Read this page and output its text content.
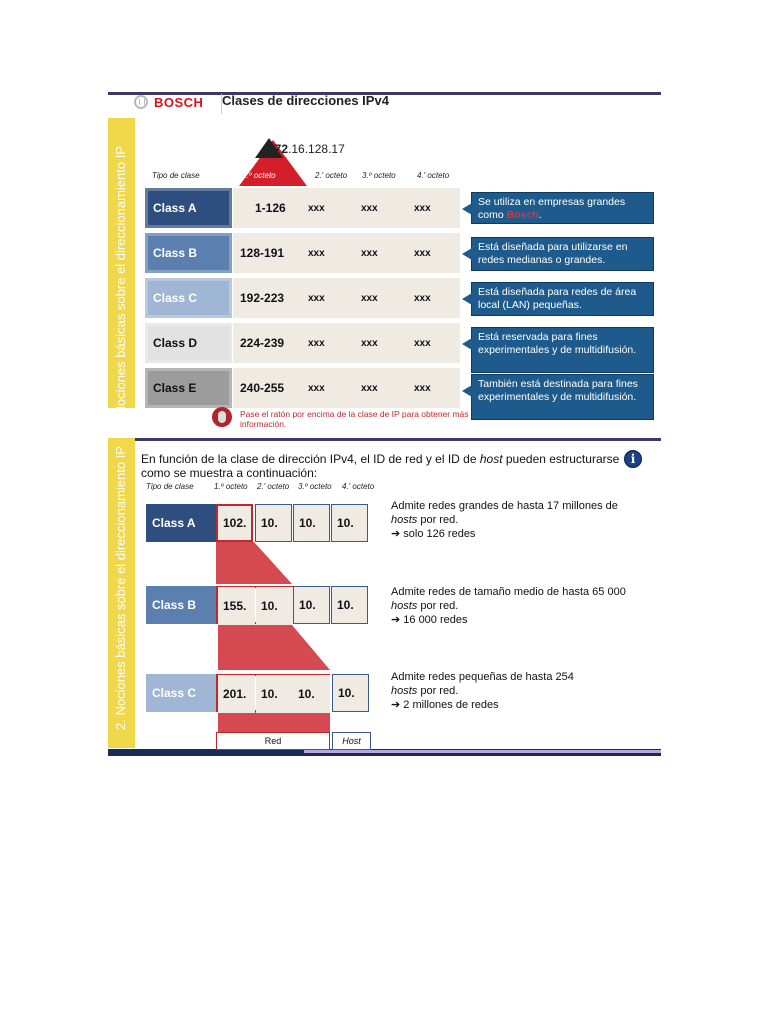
2. Nociones básicas sobre el direccionamiento IP
BOSCH Clases de direcciones IPv4
172.16.128.17
Tipo de clase	1.º octeto	2.' octeto 3.º octeto	4.' octeto
Class A	1-126 xxx	xxx	xxx
Class B	128-191 xxx	xxx	xxx
Class C	192-223 xxx	xxx	xxx
Class D	224-239 xxx	xxx	xxx
Class E	240-255 xxx	xxx	xxx
Se utiliza en empresas grandes como Bosch.
Está diseñada para utilizarse en redes medianas o grandes.
Está diseñada para redes de área local (LAN) pequeñas.
Está reservada para fines experimentales y de multidifusión.
También está destinada para fines experimentales y de multidifusión.
Pase el ratón por encima de la clase de IP para obtener más información.
2. Nociones básicas sobre el direccionamiento IP En función de la clase de dirección IPv4, el ID de red y el ID de host pueden estructurarse como se muestra a continuación:
i
Tipo de clase	1.º octeto 2.' octeto 3.º octeto 4.' octeto
Class A	102.	10.	10.	10.
Admite redes grandes de hasta 17 millones de hosts por red.
➔ solo 126 redes
Class B	155.	10.	10.	10.
Admite redes de tamaño medio de hasta 65 000
hosts por red.
➔ 16 000 redes
Class C	201.	10.	10.	10.
Admite redes pequeñas de hasta 254
hosts por red.
➔ 2 millones de redes
Red	Host
